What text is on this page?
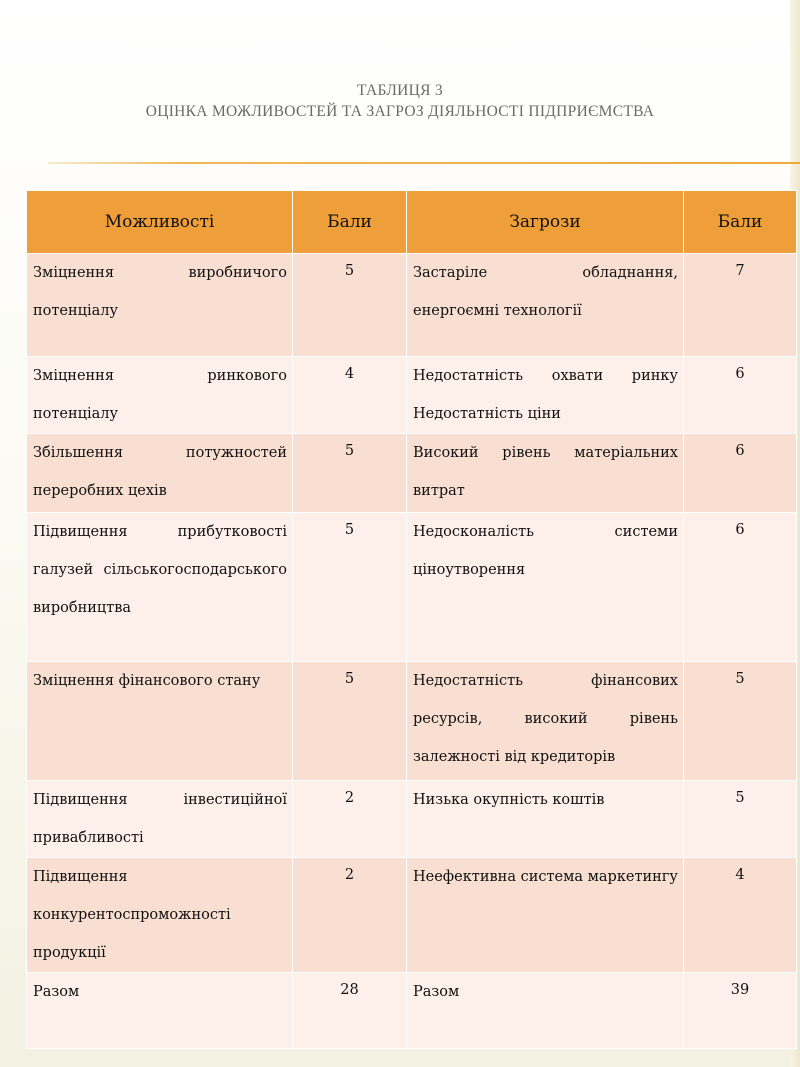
ТАБЛИЦЯ 3
ОЦІНКА МОЖЛИВОСТЕЙ ТА ЗАГРОЗ ДІЯЛЬНОСТІ ПІДПРИЄМСТВА
Можливості	Бали	Загрози	Бали

Зміцнення виробничого потенціалу	5	Застаріле обладнання, енергоємні технології	7

Зміцнення ринкового потенціалу	4	Недостатність охвати ринку Недостатність ціни	6

Збільшення потужностей переробних цехів	5	Високий рівень матеріальних витрат	6

Підвищення прибутковості галузей сільськогосподарського виробництва	5	Недосконалість системи ціноутворення	6

Зміцнення фінансового стану	5	Недостатність фінансових ресурсів, високий рівень залежності від кредиторів	5

Підвищення інвестиційної привабливості	2	Низька окупність коштів	5

Підвищення конкурентоспроможності продукції	2	Неефективна система маркетингу	4

Разом	28	Разом	39
